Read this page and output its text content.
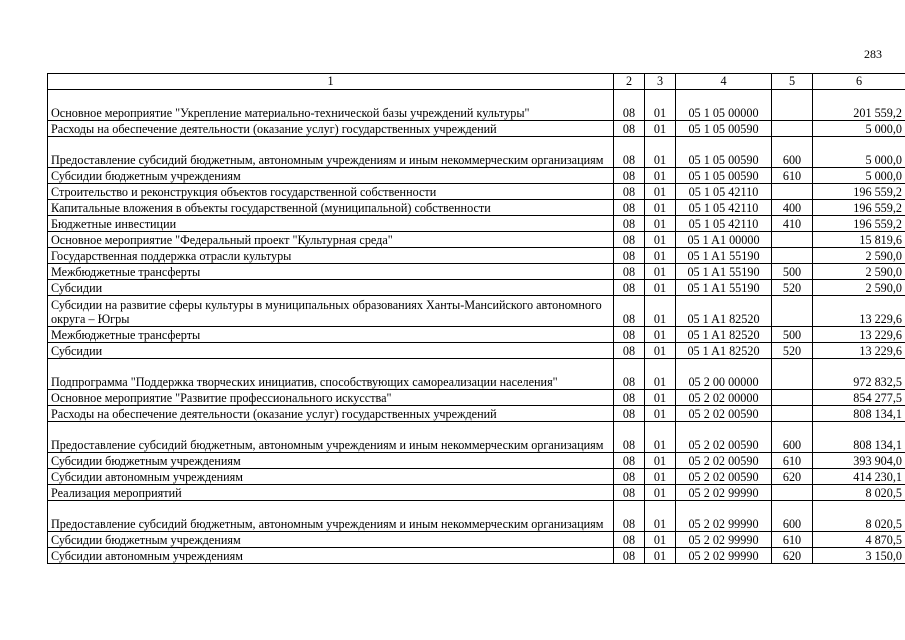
283
1	2	3	4	5	6
Основное мероприятие "Укрепление материально-технической базы учреждений культуры"	08	01	05 1 05 00000		201 559,2
Расходы на обеспечение деятельности (оказание услуг) государственных учреждений	08	01	05 1 05 00590		5 000,0
Предоставление субсидий бюджетным, автономным учреждениям и иным некоммерческим организациям	08	01	05 1 05 00590	600	5 000,0
Субсидии бюджетным учреждениям	08	01	05 1 05 00590	610	5 000,0
Строительство и реконструкция объектов государственной собственности	08	01	05 1 05 42110		196 559,2
Капитальные вложения в объекты государственной (муниципальной) собственности	08	01	05 1 05 42110	400	196 559,2
Бюджетные инвестиции	08	01	05 1 05 42110	410	196 559,2
Основное мероприятие "Федеральный проект "Культурная среда"	08	01	05 1 A1 00000		15 819,6
Государственная поддержка отрасли культуры	08	01	05 1 A1 55190		2 590,0
Межбюджетные трансферты	08	01	05 1 A1 55190	500	2 590,0
Субсидии	08	01	05 1 A1 55190	520	2 590,0
Субсидии на развитие сферы культуры в муниципальных образованиях Ханты-Мансийского автономного округа – Югры	08	01	05 1 A1 82520		13 229,6
Межбюджетные трансферты	08	01	05 1 A1 82520	500	13 229,6
Субсидии	08	01	05 1 A1 82520	520	13 229,6
Подпрограмма "Поддержка творческих инициатив, способствующих самореализации населения"	08	01	05 2 00 00000		972 832,5
Основное мероприятие "Развитие профессионального искусства"	08	01	05 2 02 00000		854 277,5
Расходы на обеспечение деятельности (оказание услуг) государственных учреждений	08	01	05 2 02 00590		808 134,1
Предоставление субсидий бюджетным, автономным учреждениям и иным некоммерческим организациям	08	01	05 2 02 00590	600	808 134,1
Субсидии бюджетным учреждениям	08	01	05 2 02 00590	610	393 904,0
Субсидии автономным учреждениям	08	01	05 2 02 00590	620	414 230,1
Реализация мероприятий	08	01	05 2 02 99990		8 020,5
Предоставление субсидий бюджетным, автономным учреждениям и иным некоммерческим организациям	08	01	05 2 02 99990	600	8 020,5
Субсидии бюджетным учреждениям	08	01	05 2 02 99990	610	4 870,5
Субсидии автономным учреждениям	08	01	05 2 02 99990	620	3 150,0
